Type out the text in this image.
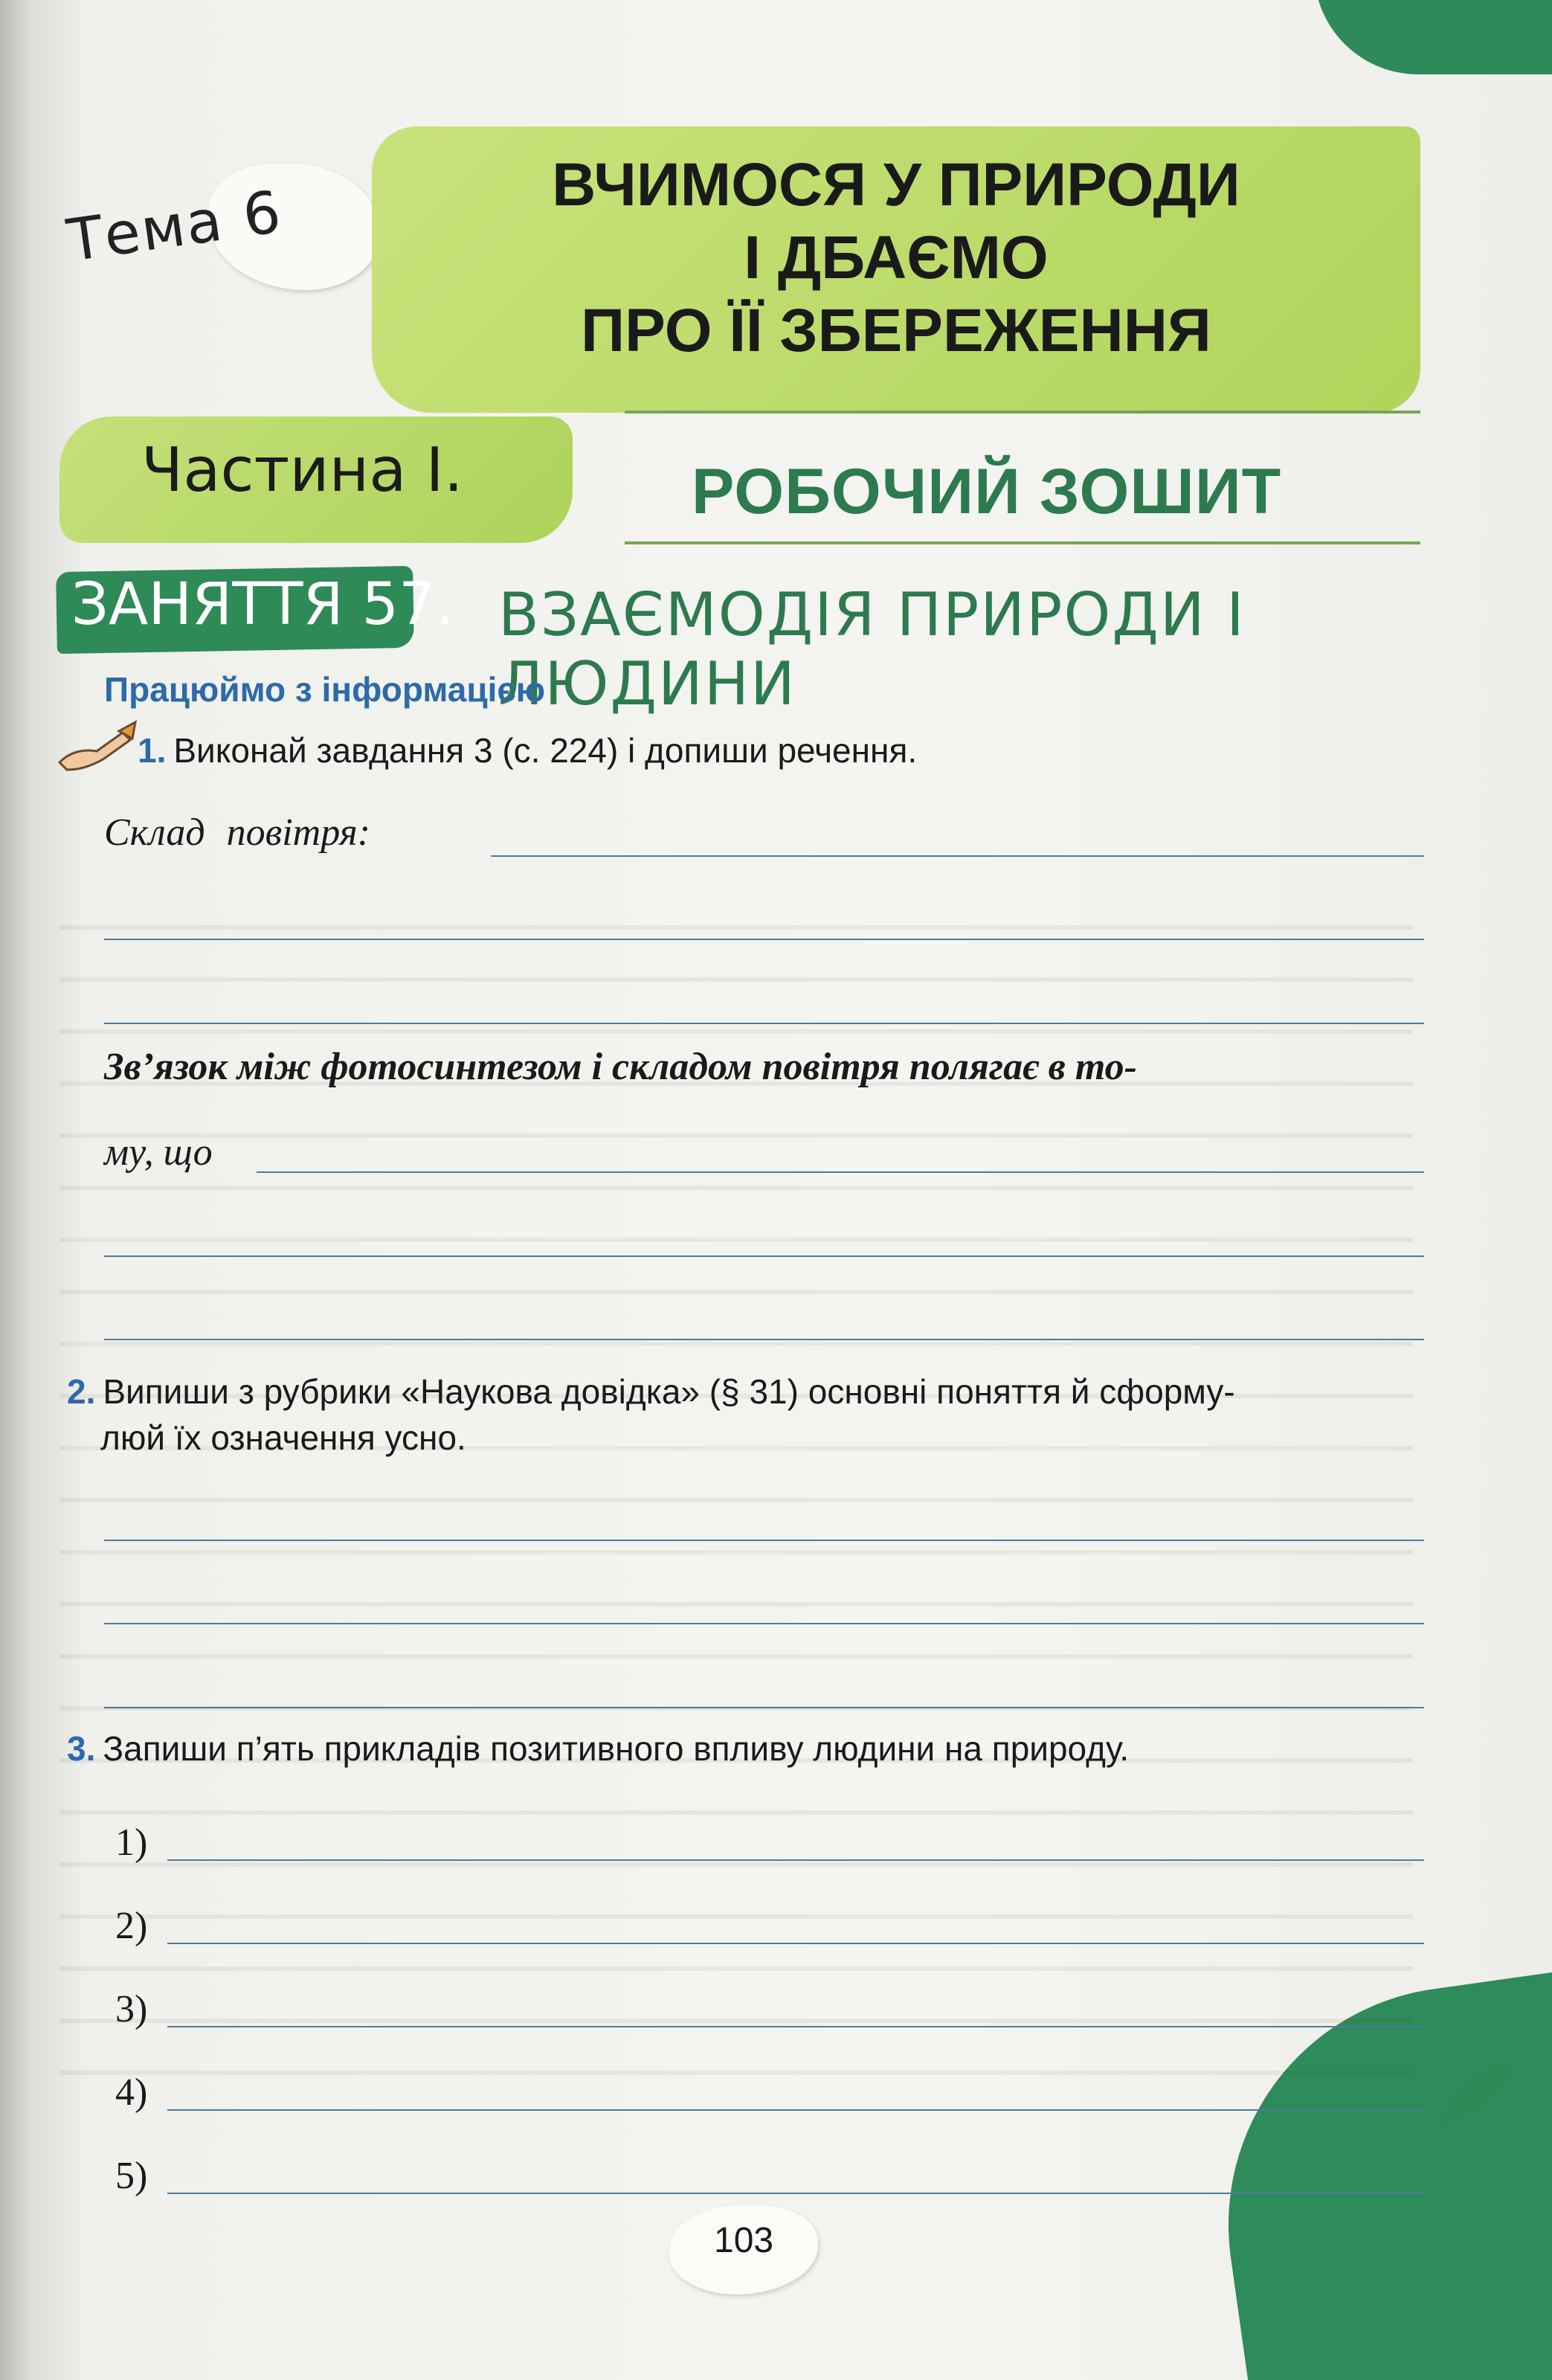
Тема 6	ВЧИМОСЯ У ПРИРОДИ
І ДБАЄМО
ПРО ЇЇ ЗБЕРЕЖЕННЯ
Частина І.	РОБОЧИЙ ЗОШИТ
ЗАНЯТТЯ 57. ВЗАЄМОДІЯ ПРИРОДИ І ЛЮДИНИ
Працюймо з інформацією
1. Виконай завдання 3 (с. 224) і допиши речення.
Склад повітря:
Зв’язок між фотосинтезом і складом повітря полягає в то-
му, що
2. Випиши з рубрики «Наукова довідка» (§ 31) основні поняття й сформу-
люй їх означення усно.
3. Запиши п’ять прикладів позитивного впливу людини на природу.
1)
2)
3)
4)
5)
103
